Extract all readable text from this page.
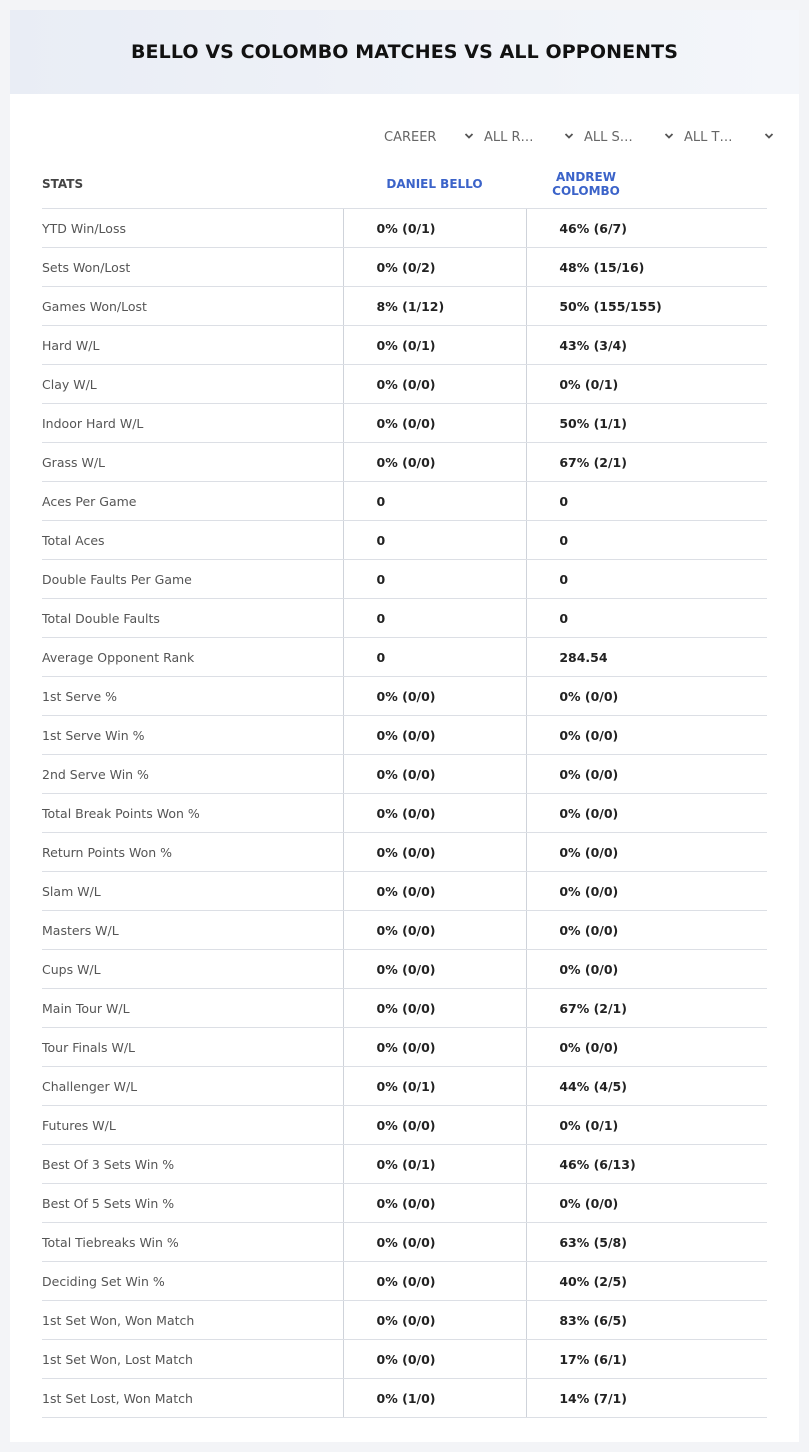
BELLO VS COLOMBO MATCHES VS ALL OPPONENTS
CAREER	ALL R…	ALL S…	ALL T…
STATS	DANIEL BELLO	ANDREW COLOMBO
YTD Win/Loss	0% (0/1)	46% (6/7)
Sets Won/Lost	0% (0/2)	48% (15/16)
Games Won/Lost	8% (1/12)	50% (155/155)
Hard W/L	0% (0/1)	43% (3/4)
Clay W/L	0% (0/0)	0% (0/1)
Indoor Hard W/L	0% (0/0)	50% (1/1)
Grass W/L	0% (0/0)	67% (2/1)
Aces Per Game	0	0
Total Aces	0	0
Double Faults Per Game	0	0
Total Double Faults	0	0
Average Opponent Rank	0	284.54
1st Serve %	0% (0/0)	0% (0/0)
1st Serve Win %	0% (0/0)	0% (0/0)
2nd Serve Win %	0% (0/0)	0% (0/0)
Total Break Points Won %	0% (0/0)	0% (0/0)
Return Points Won %	0% (0/0)	0% (0/0)
Slam W/L	0% (0/0)	0% (0/0)
Masters W/L	0% (0/0)	0% (0/0)
Cups W/L	0% (0/0)	0% (0/0)
Main Tour W/L	0% (0/0)	67% (2/1)
Tour Finals W/L	0% (0/0)	0% (0/0)
Challenger W/L	0% (0/1)	44% (4/5)
Futures W/L	0% (0/0)	0% (0/1)
Best Of 3 Sets Win %	0% (0/1)	46% (6/13)
Best Of 5 Sets Win %	0% (0/0)	0% (0/0)
Total Tiebreaks Win %	0% (0/0)	63% (5/8)
Deciding Set Win %	0% (0/0)	40% (2/5)
1st Set Won, Won Match	0% (0/0)	83% (6/5)
1st Set Won, Lost Match	0% (0/0)	17% (6/1)
1st Set Lost, Won Match	0% (1/0)	14% (7/1)
